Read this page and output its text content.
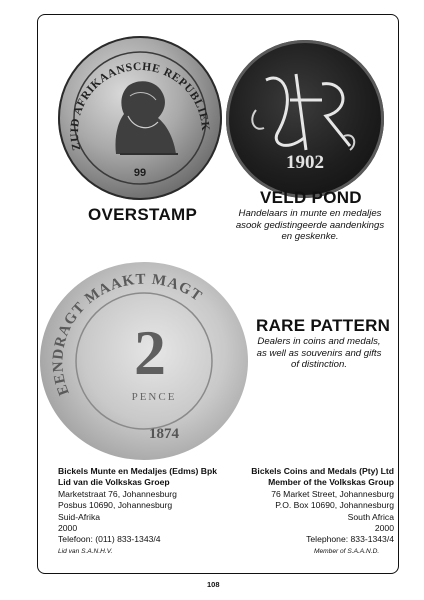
ZUID AFRIKAANSCHE REPUBLIEK
99	1902
OVERSTAMP
VELD POND
Handelaars in munte en medaljes
asook gedistingeerde aandenkings
en geskenke.
EENDRAGT MAAKT MAGT
2
PENCE
1874
RARE PATTERN
Dealers in coins and medals,
as well as souvenirs and gifts
of distinction.
Bickels Munte en Medaljes (Edms) Bpk
Lid van die Volkskas Groep
Marketstraat 76, Johannesburg
Posbus 10690, Johannesburg
Suid-Afrika
2000
Telefoon: (011) 833-1343/4
Bickels Coins and Medals (Pty) Ltd
Member of the Volkskas Group
76 Market Street, Johannesburg
P.O. Box 10690, Johannesburg
South Africa
2000
Telephone: 833-1343/4
Lid van S.A.N.H.V.	Member of S.A.A.N.D.
108
